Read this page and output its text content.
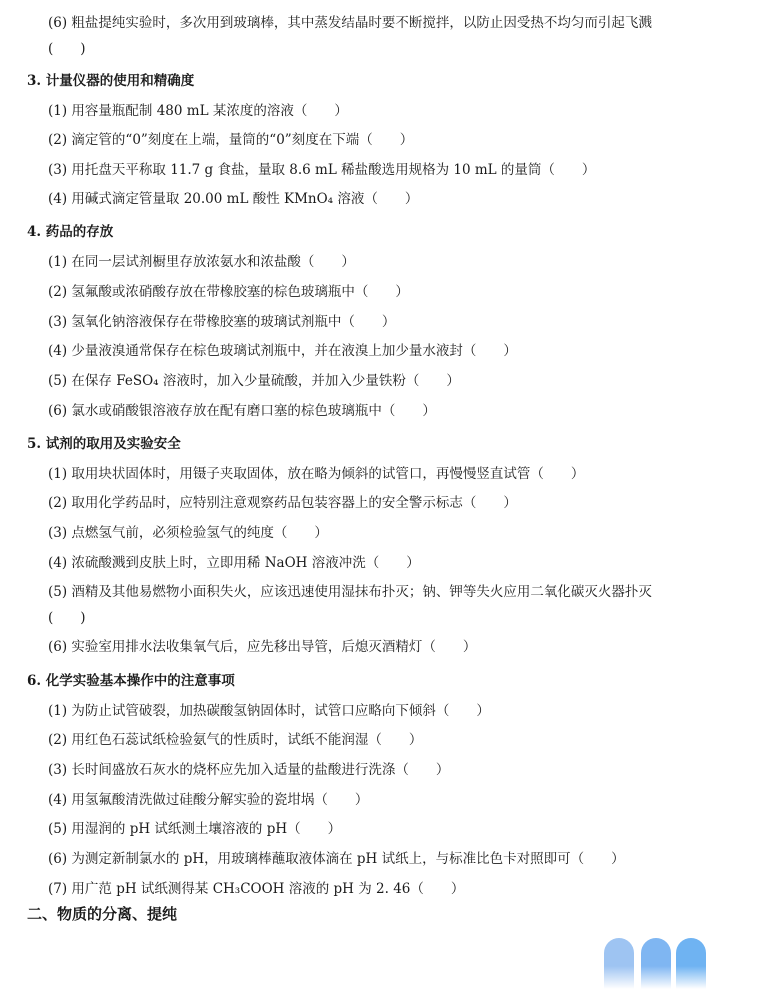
(6) 粗盐提纯实验时，多次用到玻璃棒，其中蒸发结晶时要不断搅拌，以防止因受热不均匀而引起飞溅
(　　)
3. 计量仪器的使用和精确度
(1) 用容量瓶配制 480 mL 某浓度的溶液（　　）
(2) 滴定管的“0”刻度在上端，量筒的“0”刻度在下端（　　）
(3) 用托盘天平称取 11.7 g 食盐，量取 8.6 mL 稀盐酸选用规格为 10 mL 的量筒（　　）
(4) 用碱式滴定管量取 20.00 mL 酸性 KMnO₄ 溶液（　　）
4. 药品的存放
(1) 在同一层试剂橱里存放浓氨水和浓盐酸（　　）
(2) 氢氟酸或浓硝酸存放在带橡胶塞的棕色玻璃瓶中（　　）
(3) 氢氧化钠溶液保存在带橡胶塞的玻璃试剂瓶中（　　）
(4) 少量液溴通常保存在棕色玻璃试剂瓶中，并在液溴上加少量水液封（　　）
(5) 在保存 FeSO₄ 溶液时，加入少量硫酸，并加入少量铁粉（　　）
(6) 氯水或硝酸银溶液存放在配有磨口塞的棕色玻璃瓶中（　　）
5. 试剂的取用及实验安全
(1) 取用块状固体时，用镊子夹取固体，放在略为倾斜的试管口，再慢慢竖直试管（　　）
(2) 取用化学药品时，应特别注意观察药品包装容器上的安全警示标志（　　）
(3) 点燃氢气前，必须检验氢气的纯度（　　）
(4) 浓硫酸溅到皮肤上时，立即用稀 NaOH 溶液冲洗（　　）
(5) 酒精及其他易燃物小面积失火，应该迅速使用湿抹布扑灭；钠、钾等失火应用二氧化碳灭火器扑灭
(　　)
(6) 实验室用排水法收集氧气后，应先移出导管，后熄灭酒精灯（　　）
6. 化学实验基本操作中的注意事项
(1) 为防止试管破裂，加热碳酸氢钠固体时，试管口应略向下倾斜（　　）
(2) 用红色石蕊试纸检验氨气的性质时，试纸不能润湿（　　）
(3) 长时间盛放石灰水的烧杯应先加入适量的盐酸进行洗涤（　　）
(4) 用氢氟酸清洗做过硅酸分解实验的瓷坩埚（　　）
(5) 用湿润的 pH 试纸测土壤溶液的 pH（　　）
(6) 为测定新制氯水的 pH，用玻璃棒蘸取液体滴在 pH 试纸上，与标准比色卡对照即可（　　）
(7) 用广范 pH 试纸测得某 CH₃COOH 溶液的 pH 为 2. 46（　　）
二、物质的分离、提纯
